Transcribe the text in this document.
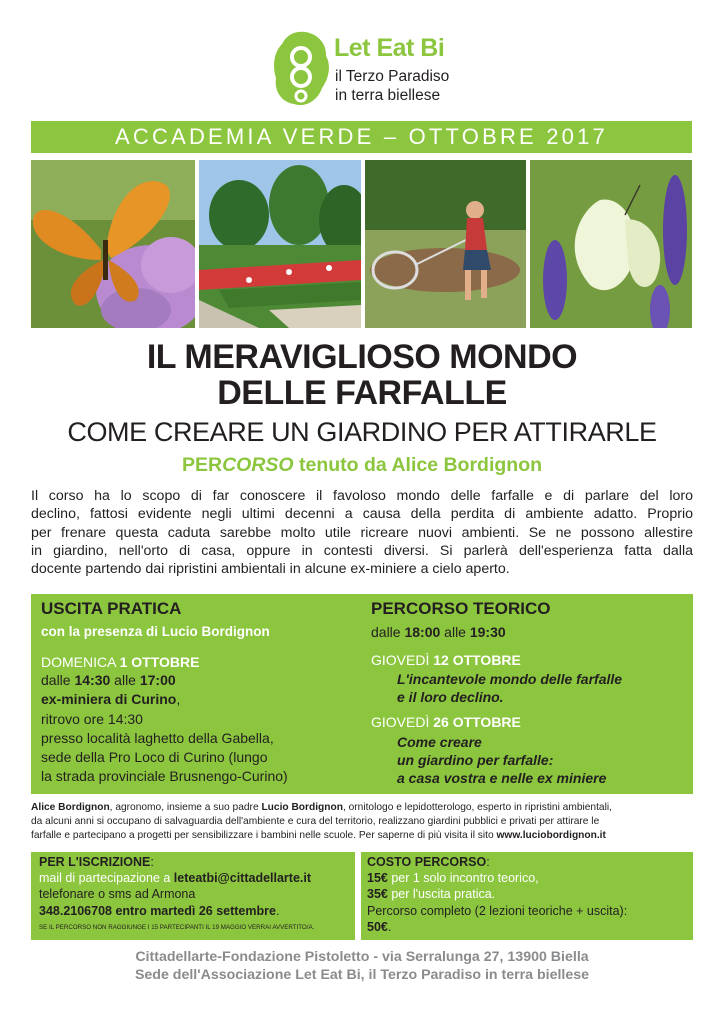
Let Eat Bi
il Terzo Paradiso
in terra biellese
ACCADEMIA VERDE – OTTOBRE 2017
IL MERAVIGLIOSO MONDO
DELLE FARFALLE
COME CREARE UN GIARDINO PER ATTIRARLE
PERCORSO tenuto da Alice Bordignon
Il corso ha lo scopo di far conoscere il favoloso mondo delle farfalle e di parlare del loro
declino, fattosi evidente negli ultimi decenni a causa della perdita di ambiente adatto. Proprio
per frenare questa caduta sarebbe molto utile ricreare nuovi ambienti. Se ne possono allestire
in giardino, nell'orto di casa, oppure in contesti diversi. Si parlerà dell'esperienza fatta dalla
docente partendo dai ripristini ambientali in alcune ex-miniere a cielo aperto.
USCITA PRATICA
con la presenza di Lucio Bordignon
DOMENICA 1 OTTOBRE
dalle 14:30 alle 17:00
ex-miniera di Curino,
ritrovo ore 14:30
presso località laghetto della Gabella,
sede della Pro Loco di Curino (lungo
la strada provinciale Brusnengo-Curino)
PERCORSO TEORICO
dalle 18:00 alle 19:30
GIOVEDÌ 12 OTTOBRE
L'incantevole mondo delle farfalle
e il loro declino.
GIOVEDÌ 26 OTTOBRE
Come creare
un giardino per farfalle:
a casa vostra e nelle ex miniere
Alice Bordignon, agronomo, insieme a suo padre Lucio Bordignon, ornitologo e lepidotterologo, esperto in ripristini ambientali,
da alcuni anni si occupano di salvaguardia dell'ambiente e cura del territorio, realizzano giardini pubblici e privati per attirare le
farfalle e partecipano a progetti per sensibilizzare i bambini nelle scuole. Per saperne di più visita il sito www.luciobordignon.it
PER L'ISCRIZIONE:
mail di partecipazione a leteatbi@cittadellarte.it
telefonare o sms ad Armona
348.2106708 entro martedì 26 settembre.
SE IL PERCORSO NON RAGGIUNGE I 15 PARTECIPANTI IL 19 MAGGIO VERRAI AVVERTITO/A.
COSTO PERCORSO:
15€ per 1 solo incontro teorico,
35€ per l'uscita pratica.
Percorso completo (2 lezioni teoriche + uscita):
50€.
Cittadellarte-Fondazione Pistoletto - via Serralunga 27, 13900 Biella
Sede dell'Associazione Let Eat Bi, il Terzo Paradiso in terra biellese
